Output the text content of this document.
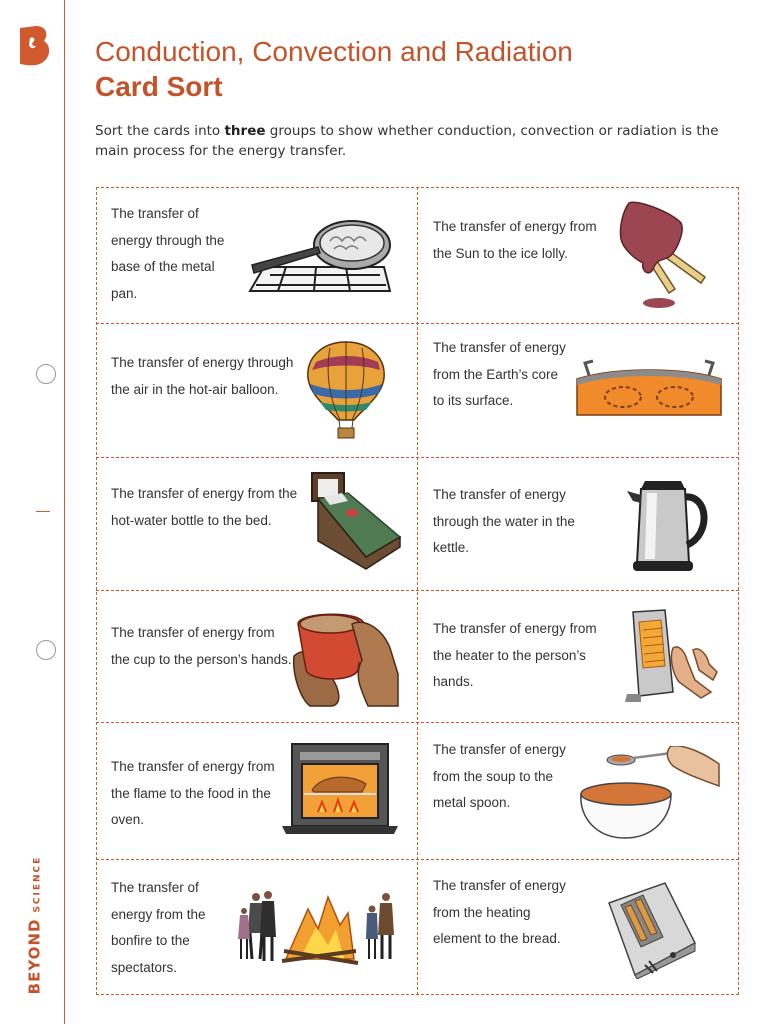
BEYONDSCIENCE
Conduction, Convection and Radiation
Card Sort
Sort the cards into three groups to show whether conduction, convection or radiation is the main process for the energy transfer.
The transfer of energy through the base of the metal pan.
The transfer of energy from the Sun to the ice lolly.
The transfer of energy through the air in the hot-air balloon.
The transfer of energy from the Earth’s core to its surface.
The transfer of energy from the hot-water bottle to the bed.
The transfer of energy through the water in the kettle.
The transfer of energy from the cup to the person’s hands.
The transfer of energy from the heater to the person’s hands.
The transfer of energy from the flame to the food in the oven.
The transfer of energy from the soup to the metal spoon.
The transfer of energy from the bonfire to the spectators.
The transfer of energy from the heating element to the bread.
